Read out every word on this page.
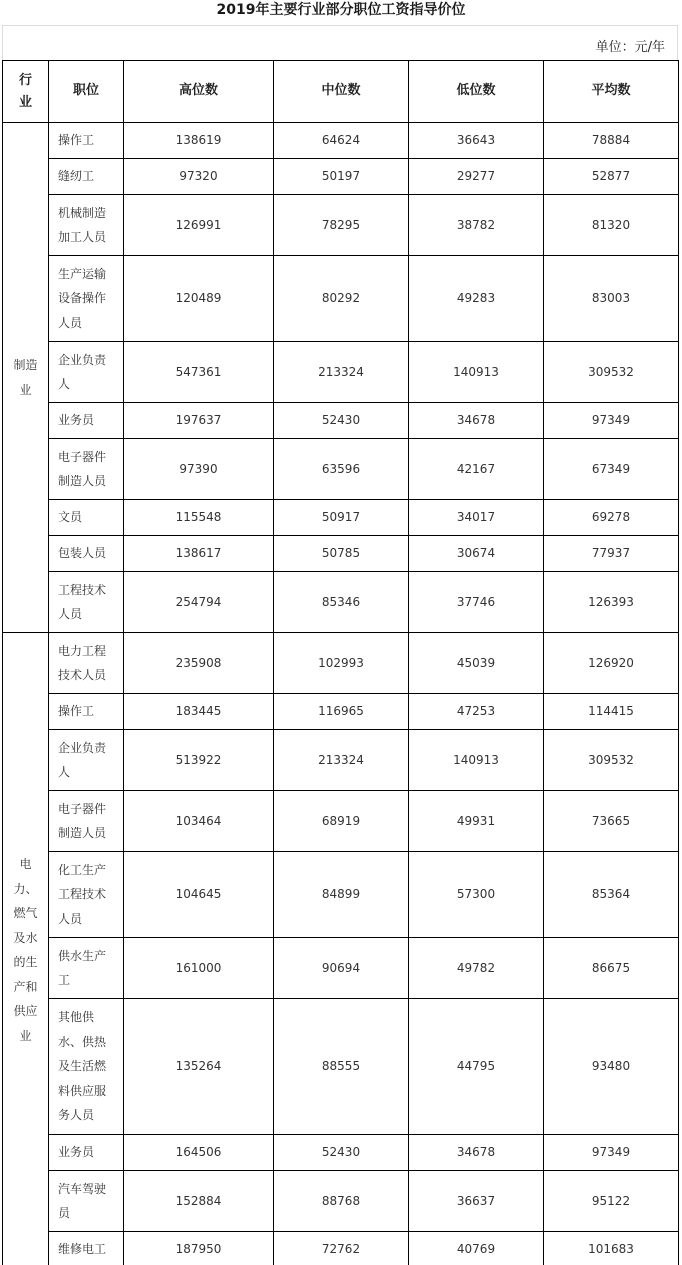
2019年主要行业部分职位工资指导价位
单位：元/年
行业	职位	高位数	中位数	低位数	平均数

制造业	操作工	138619	64624	36643	78884

	缝纫工	97320	50197	29277	52877

	机械制造加工人员	126991	78295	38782	81320

	生产运输设备操作人员	120489	80292	49283	83003

	企业负责人	547361	213324	140913	309532

	业务员	197637	52430	34678	97349

	电子器件制造人员	97390	63596	42167	67349

	文员	115548	50917	34017	69278

	包装人员	138617	50785	30674	77937

	工程技术人员	254794	85346	37746	126393

电力、燃气及水的生产和供应业	电力工程技术人员	235908	102993	45039	126920

	操作工	183445	116965	47253	114415

	企业负责人	513922	213324	140913	309532

	电子器件制造人员	103464	68919	49931	73665

	化工生产工程技术人员	104645	84899	57300	85364

	供水生产工	161000	90694	49782	86675

	其他供水、供热及生活燃料供应服务人员	135264	88555	44795	93480

	业务员	164506	52430	34678	97349

	汽车驾驶员	152884	88768	36637	95122

	维修电工	187950	72762	40769	101683
